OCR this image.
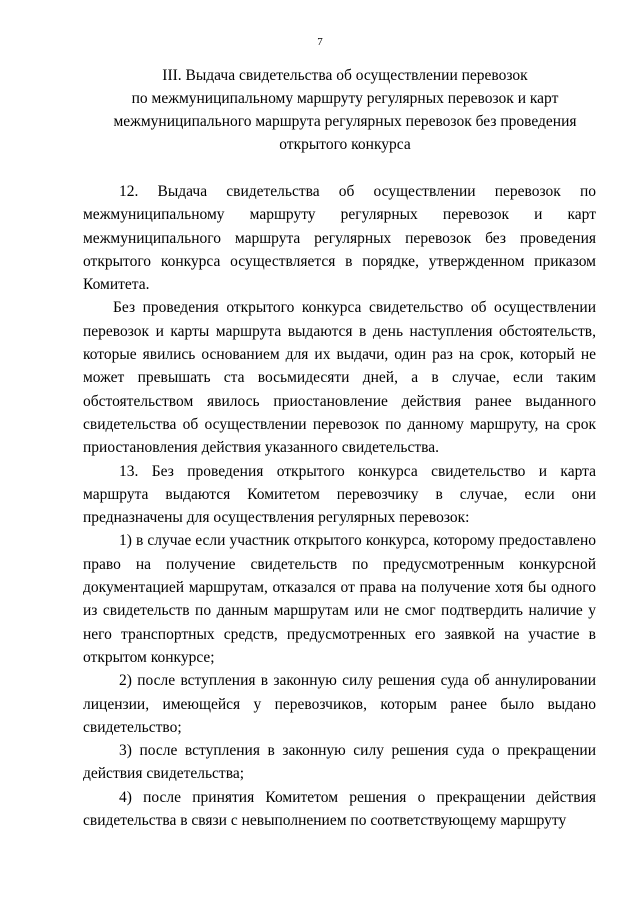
7
III. Выдача свидетельства об осуществлении перевозок
по межмуниципальному маршруту регулярных перевозок и карт
межмуниципального маршрута регулярных перевозок без проведения
открытого конкурса

12. Выдача свидетельства об осуществлении перевозок по межмуниципальному маршруту регулярных перевозок и карт межмуниципального маршрута регулярных перевозок без проведения открытого конкурса осуществляется в порядке, утвержденном приказом Комитета.

Без проведения открытого конкурса свидетельство об осуществлении перевозок и карты маршрута выдаются в день наступления обстоятельств, которые явились основанием для их выдачи, один раз на срок, который не может превышать ста восьмидесяти дней, а в случае, если таким обстоятельством явилось приостановление действия ранее выданного свидетельства об осуществлении перевозок по данному маршруту, на срок приостановления действия указанного свидетельства.

13. Без проведения открытого конкурса свидетельство и карта маршрута выдаются Комитетом перевозчику в случае, если они предназначены для осуществления регулярных перевозок:

1) в случае если участник открытого конкурса, которому предоставлено право на получение свидетельств по предусмотренным конкурсной документацией маршрутам, отказался от права на получение хотя бы одного из свидетельств по данным маршрутам или не смог подтвердить наличие у него транспортных средств, предусмотренных его заявкой на участие в открытом конкурсе;

2) после вступления в законную силу решения суда об аннулировании лицензии, имеющейся у перевозчиков, которым ранее было выдано свидетельство;

3) после вступления в законную силу решения суда о прекращении действия свидетельства;

4) после принятия Комитетом решения о прекращении действия свидетельства в связи с невыполнением по соответствующему маршруту
